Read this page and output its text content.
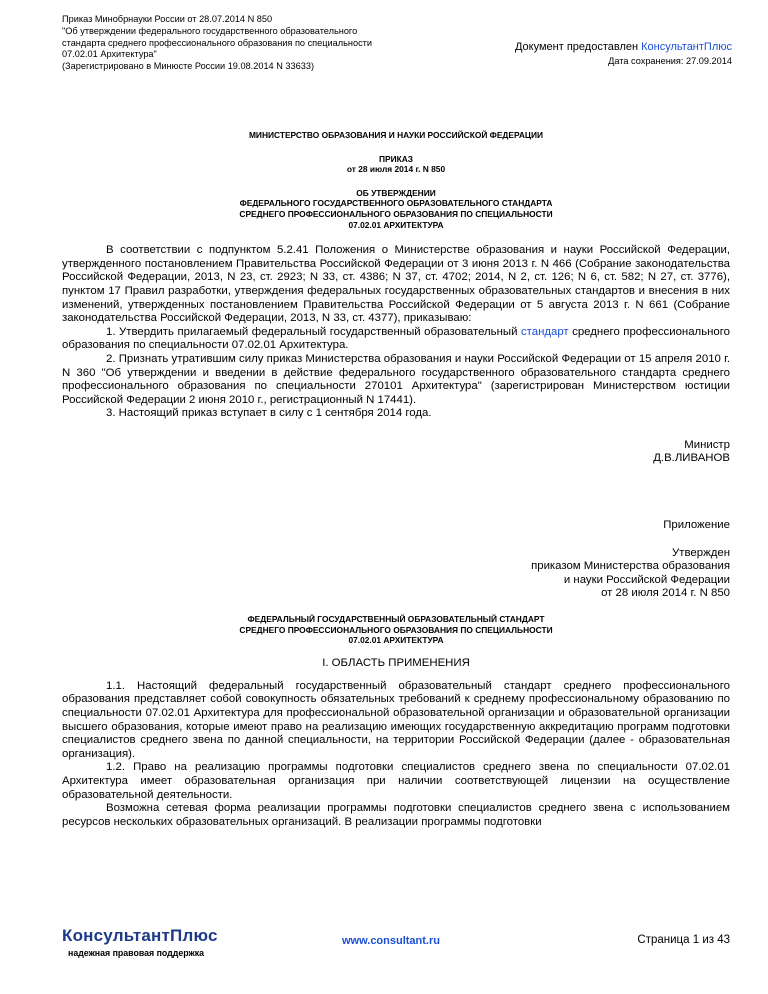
Приказ Минобрнауки России от 28.07.2014 N 850
"Об утверждении федерального государственного образовательного
стандарта среднего профессионального образования по специальности
07.02.01 Архитектура"
(Зарегистрировано в Минюсте России 19.08.2014 N 33633)
Документ предоставлен КонсультантПлюс
Дата сохранения: 27.09.2014
МИНИСТЕРСТВО ОБРАЗОВАНИЯ И НАУКИ РОССИЙСКОЙ ФЕДЕРАЦИИ
ПРИКАЗ
от 28 июля 2014 г. N 850
ОБ УТВЕРЖДЕНИИ
ФЕДЕРАЛЬНОГО ГОСУДАРСТВЕННОГО ОБРАЗОВАТЕЛЬНОГО СТАНДАРТА
СРЕДНЕГО ПРОФЕССИОНАЛЬНОГО ОБРАЗОВАНИЯ ПО СПЕЦИАЛЬНОСТИ
07.02.01 АРХИТЕКТУРА
В соответствии с подпунктом 5.2.41 Положения о Министерстве образования и науки Российской Федерации, утвержденного постановлением Правительства Российской Федерации от 3 июня 2013 г. N 466 (Собрание законодательства Российской Федерации, 2013, N 23, ст. 2923; N 33, ст. 4386; N 37, ст. 4702; 2014, N 2, ст. 126; N 6, ст. 582; N 27, ст. 3776), пунктом 17 Правил разработки, утверждения федеральных государственных образовательных стандартов и внесения в них изменений, утвержденных постановлением Правительства Российской Федерации от 5 августа 2013 г. N 661 (Собрание законодательства Российской Федерации, 2013, N 33, ст. 4377), приказываю:
1. Утвердить прилагаемый федеральный государственный образовательный стандарт среднего профессионального образования по специальности 07.02.01 Архитектура.
2. Признать утратившим силу приказ Министерства образования и науки Российской Федерации от 15 апреля 2010 г. N 360 "Об утверждении и введении в действие федерального государственного образовательного стандарта среднего профессионального образования по специальности 270101 Архитектура" (зарегистрирован Министерством юстиции Российской Федерации 2 июня 2010 г., регистрационный N 17441).
3. Настоящий приказ вступает в силу с 1 сентября 2014 года.
Министр
Д.В.ЛИВАНОВ
Приложение
Утвержден
приказом Министерства образования
и науки Российской Федерации
от 28 июля 2014 г. N 850
ФЕДЕРАЛЬНЫЙ ГОСУДАРСТВЕННЫЙ ОБРАЗОВАТЕЛЬНЫЙ СТАНДАРТ
СРЕДНЕГО ПРОФЕССИОНАЛЬНОГО ОБРАЗОВАНИЯ ПО СПЕЦИАЛЬНОСТИ
07.02.01 АРХИТЕКТУРА
I. ОБЛАСТЬ ПРИМЕНЕНИЯ
1.1. Настоящий федеральный государственный образовательный стандарт среднего профессионального образования представляет собой совокупность обязательных требований к среднему профессиональному образованию по специальности 07.02.01 Архитектура для профессиональной образовательной организации и образовательной организации высшего образования, которые имеют право на реализацию имеющих государственную аккредитацию программ подготовки специалистов среднего звена по данной специальности, на территории Российской Федерации (далее - образовательная организация).
1.2. Право на реализацию программы подготовки специалистов среднего звена по специальности 07.02.01 Архитектура имеет образовательная организация при наличии соответствующей лицензии на осуществление образовательной деятельности.
Возможна сетевая форма реализации программы подготовки специалистов среднего звена с использованием ресурсов нескольких образовательных организаций. В реализации программы подготовки
КонсультантПлюс
надежная правовая поддержка
www.consultant.ru	Страница 1 из 43
